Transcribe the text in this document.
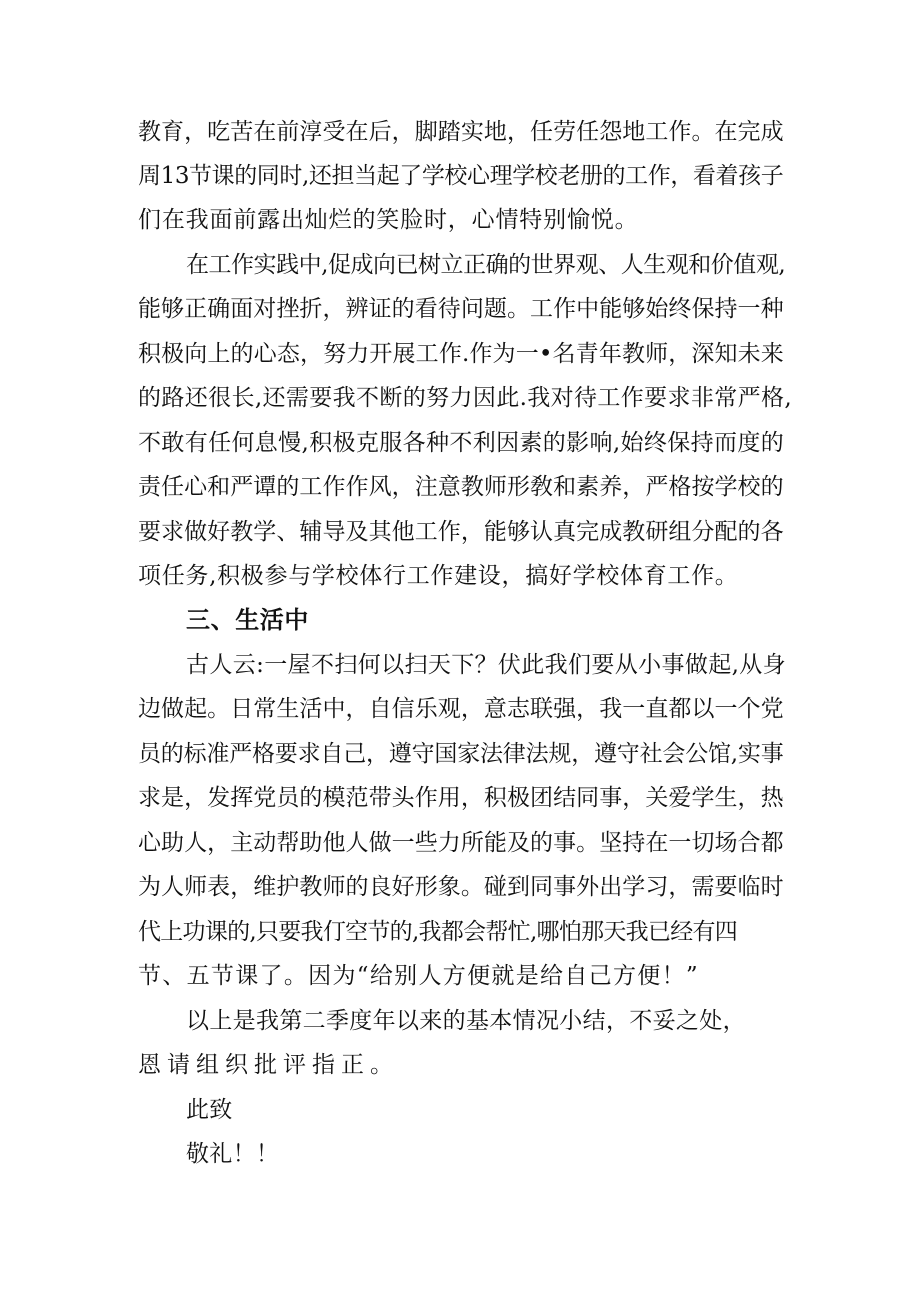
教育，吃苦在前淳受在后，脚踏实地，任劳任怨地工作。在完成

周13节课的同时,还担当起了学校心理学校老册的工作，看着孩子

们在我面前露出灿烂的笑脸时，心情特别愉悦。

在工作实践中,促成向已树立正确的世界观、人生观和价值观,

能够正确面对挫折，辨证的看待问题。工作中能够始终保持一种

积极向上的心态，努力开展工作.作为一•名青年教师，深知未来

的路还很长,还需要我不断的努力因此.我对待工作要求非常严格,

不敢有任何息慢,积极克服各种不利因素的影响,始终保持而度的

责任心和严谭的工作作风，注意教师形敎和素养，严格按学校的

要求做好教学、辅导及其他工作，能够认真完成教研组分配的各

项任务,积极参与学校体行工作建设，搞好学校体育工作。

三、生活中

古人云:一屋不扫何以扫天下？伏此我们要从小事做起,从身

边做起。日常生活中，自信乐观，意志联强，我一直都以一个党

员的标准严格要求自己，遵守国家法律法规，遵守社会公馆,实事

求是，发挥党员的模范带头作用，积极团结同事，关爱学生，热

心助人，主动帮助他人做一些力所能及的事。坚持在一切场合都

为人师表，维护教师的良好形象。碰到同事外出学习，需要临时

代上功课的,只要我仃空节的,我都会帮忙,哪怕那天我已经有四

节、五节课了。因为“给别人方便就是给自己方便！”

以上是我第二季度年以来的基本情况小结，不妥之处，

恩请组织批评指正。

此致

敬礼！！
